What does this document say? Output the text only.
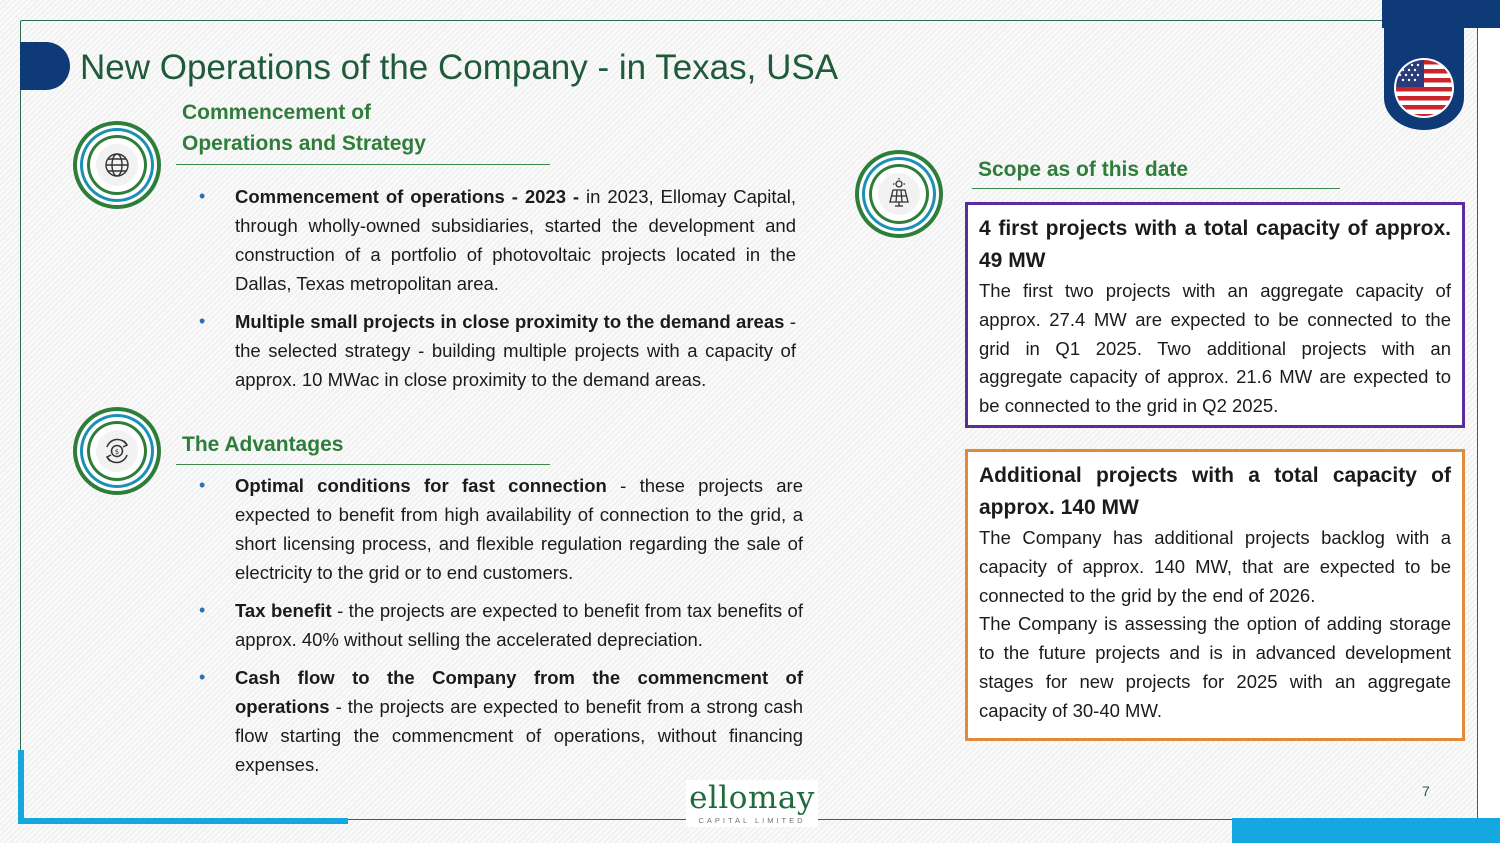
New Operations of the Company - in Texas, USA
Commencement of
Operations and Strategy

• Commencement of operations - 2023 - in 2023, Ellomay Capital, through wholly-owned subsidiaries, started the development and construction of a portfolio of photovoltaic projects located in the Dallas, Texas metropolitan area.

• Multiple small projects in close proximity to the demand areas - the selected strategy - building multiple projects with a capacity of approx. 10 MWac in close proximity to the demand areas.

$	The Advantages

• Optimal conditions for fast connection - these projects are expected to benefit from high availability of connection to the grid, a short licensing process, and flexible regulation regarding the sale of electricity to the grid or to end customers.

• Tax benefit - the projects are expected to benefit from tax benefits of approx. 40% without selling the accelerated depreciation.

• Cash flow to the Company from the commencment of operations - the projects are expected to benefit from a strong cash flow starting the commencment of operations, without financing expenses.

Scope as of this date
4 first projects with a total capacity of approx. 49 MW

The first two projects with an aggregate capacity of approx. 27.4 MW are expected to be connected to the grid in Q1 2025. Two additional projects with an aggregate capacity of approx. 21.6 MW are expected to be connected to the grid in Q2 2025.

Additional projects with a total capacity of approx. 140 MW

The Company has additional projects backlog with a capacity of approx. 140 MW, that are expected to be connected to the grid by the end of 2026.

The Company is assessing the option of adding storage to the future projects and is in advanced development stages for new projects for 2025 with an aggregate capacity of 30-40 MW.

ellomay
CAPITAL LIMITED
7
